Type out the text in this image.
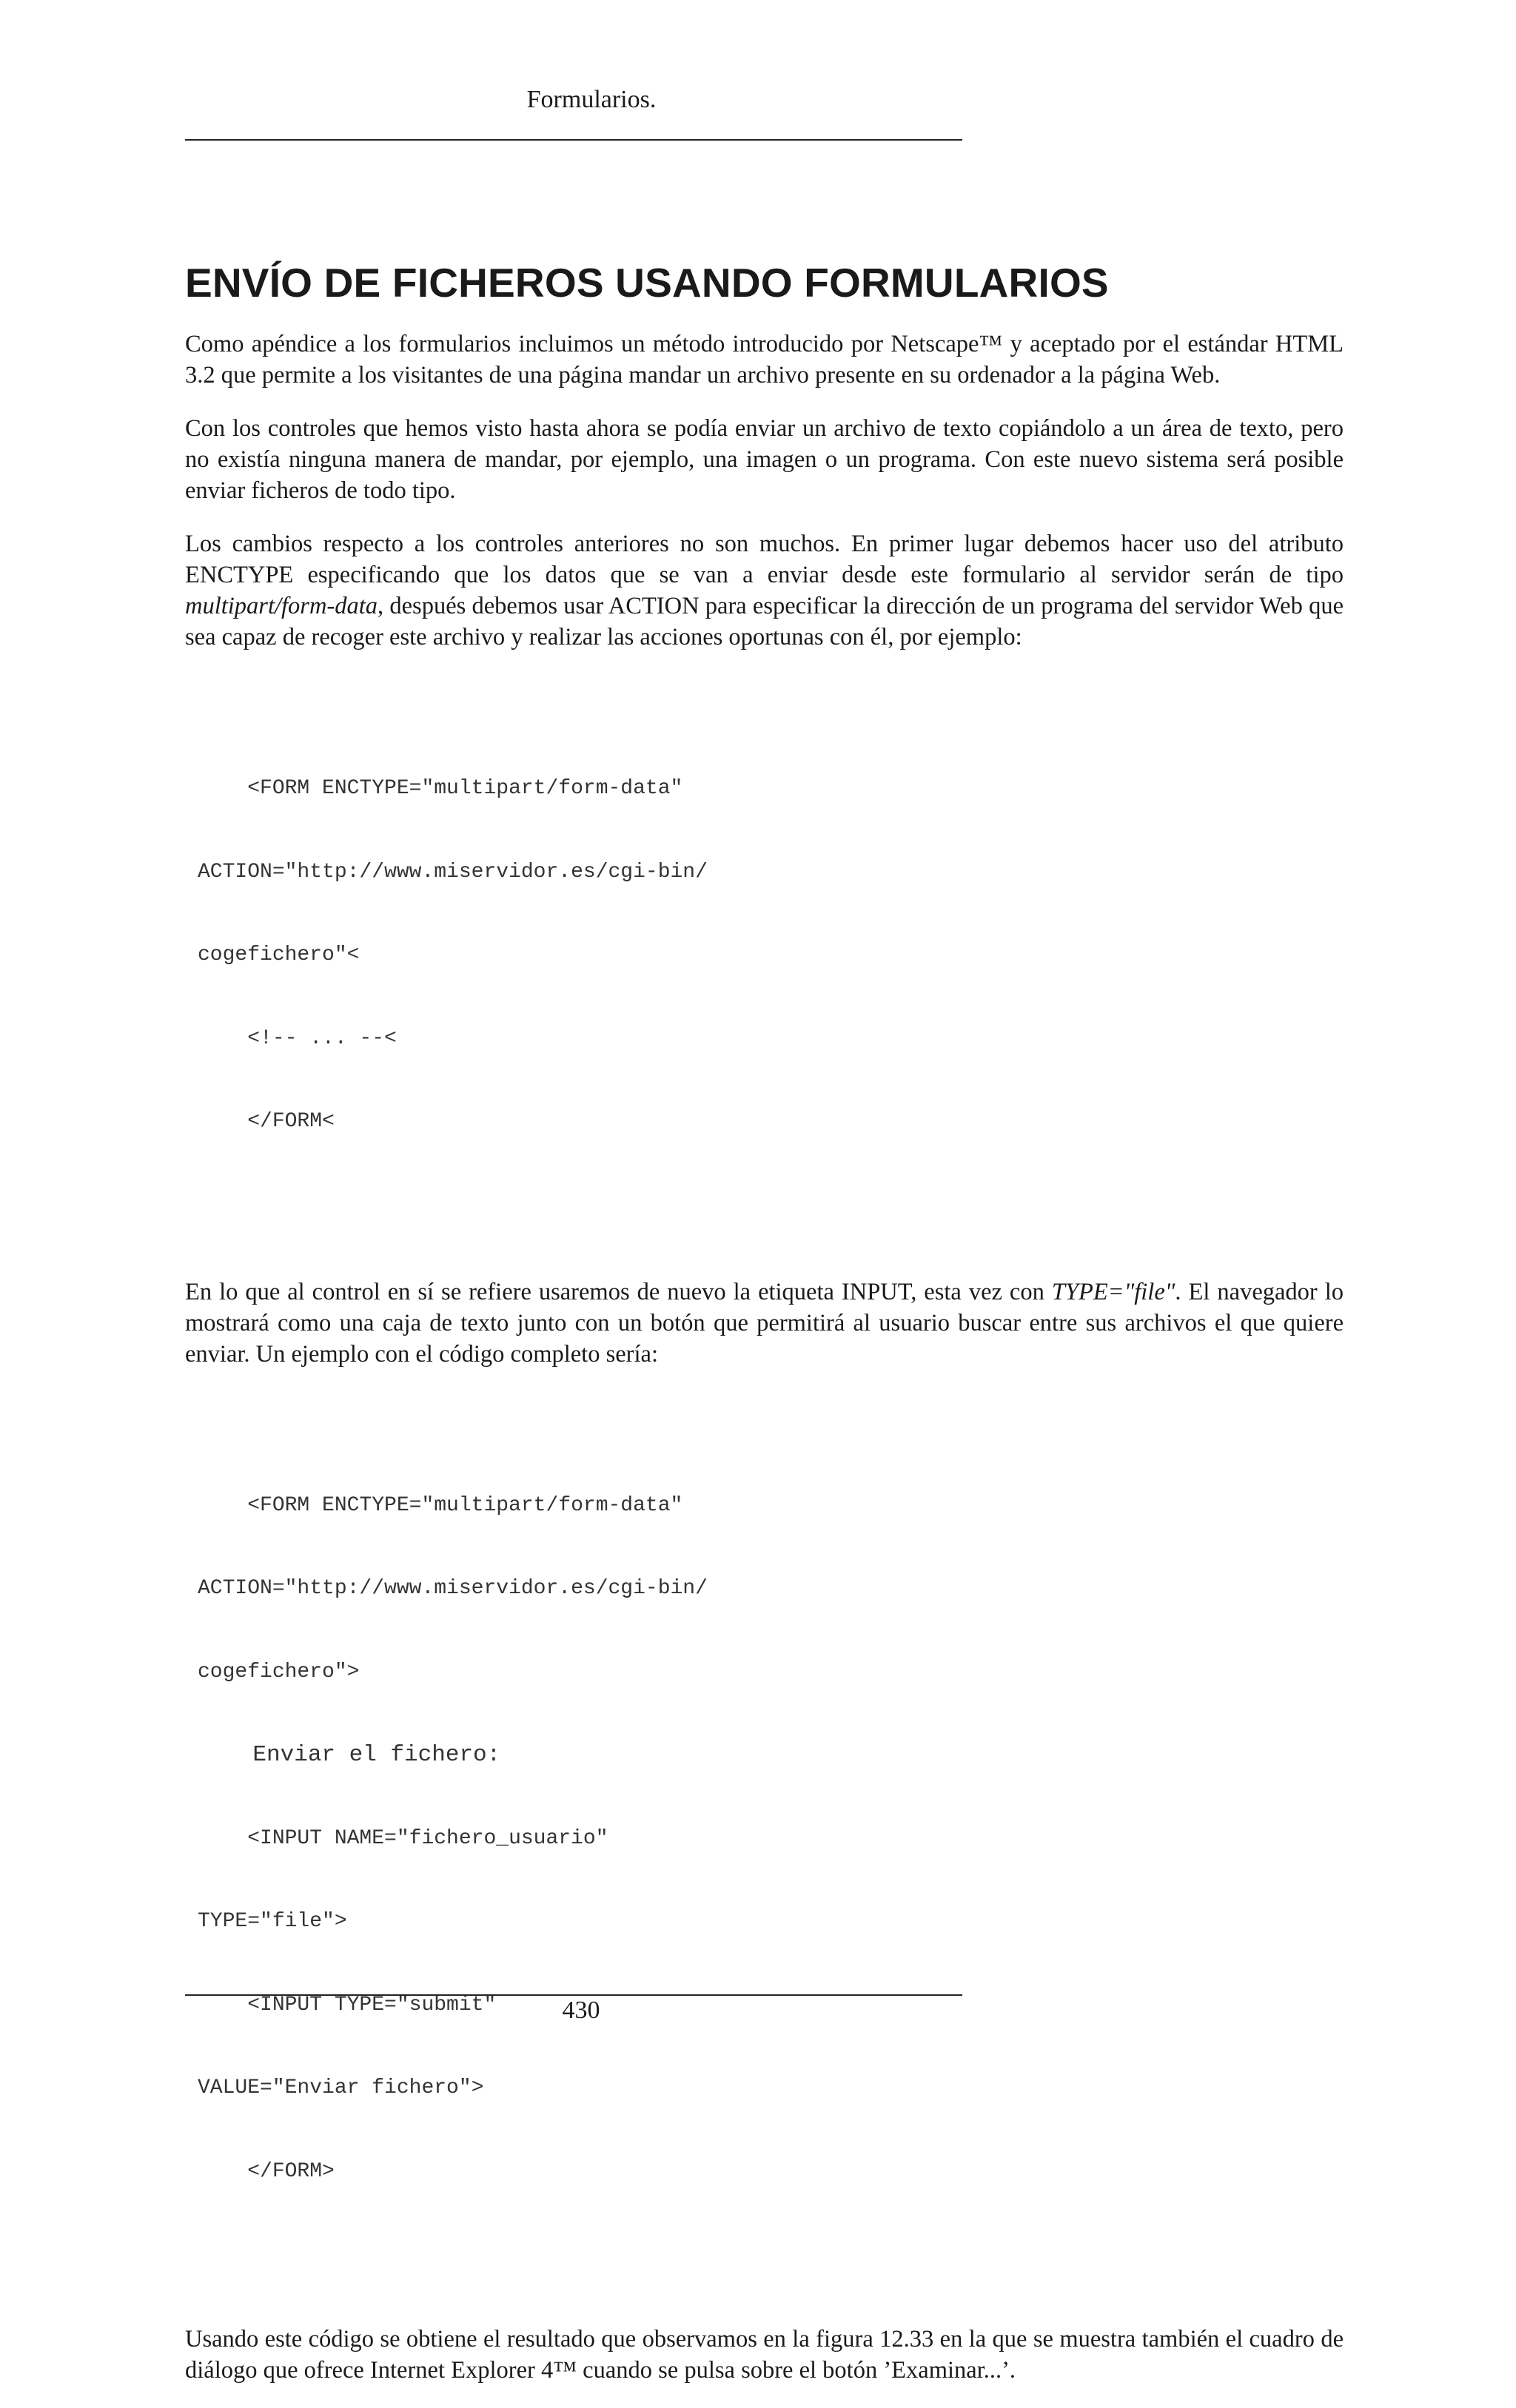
Formularios.
ENVÍO DE FICHEROS USANDO FORMULARIOS

Como apéndice a los formularios incluimos un método introducido por Netscape™ y aceptado por el estándar HTML 3.2 que permite a los visitantes de una página mandar un archivo presente en su ordenador a la página Web.

Con los controles que hemos visto hasta ahora se podía enviar un archivo de texto copiándolo a un área de texto, pero no existía ninguna manera de mandar, por ejemplo, una imagen o un programa. Con este nuevo sistema será posible enviar ficheros de todo tipo.

Los cambios respecto a los controles anteriores no son muchos. En primer lugar debemos hacer uso del atributo ENCTYPE especificando que los datos que se van a enviar desde este formulario al servidor serán de tipo multipart/form-data, después debemos usar ACTION para especificar la dirección de un programa del servidor Web que sea capaz de recoger este archivo y realizar las acciones oportunas con él, por ejemplo:

<FORM ENCTYPE="multipart/form-data"

ACTION="http://www.miservidor.es/cgi-bin/

cogefichero"<

<!-- ... --<

</FORM<

En lo que al control en sí se refiere usaremos de nuevo la etiqueta INPUT, esta vez con TYPE="file". El navegador lo mostrará como una caja de texto junto con un botón que permitirá al usuario buscar entre sus archivos el que quiere enviar. Un ejemplo con el código completo sería:

<FORM ENCTYPE="multipart/form-data"

ACTION="http://www.miservidor.es/cgi-bin/

cogefichero">

Enviar el fichero:

<INPUT NAME="fichero_usuario"

TYPE="file">

<INPUT TYPE="submit"

VALUE="Enviar fichero">

</FORM>

Usando este código se obtiene el resultado que observamos en la figura 12.33 en la que se muestra también el cuadro de diálogo que ofrece Internet Explorer 4™ cuando se pulsa sobre el botón ’Examinar...’.

430
